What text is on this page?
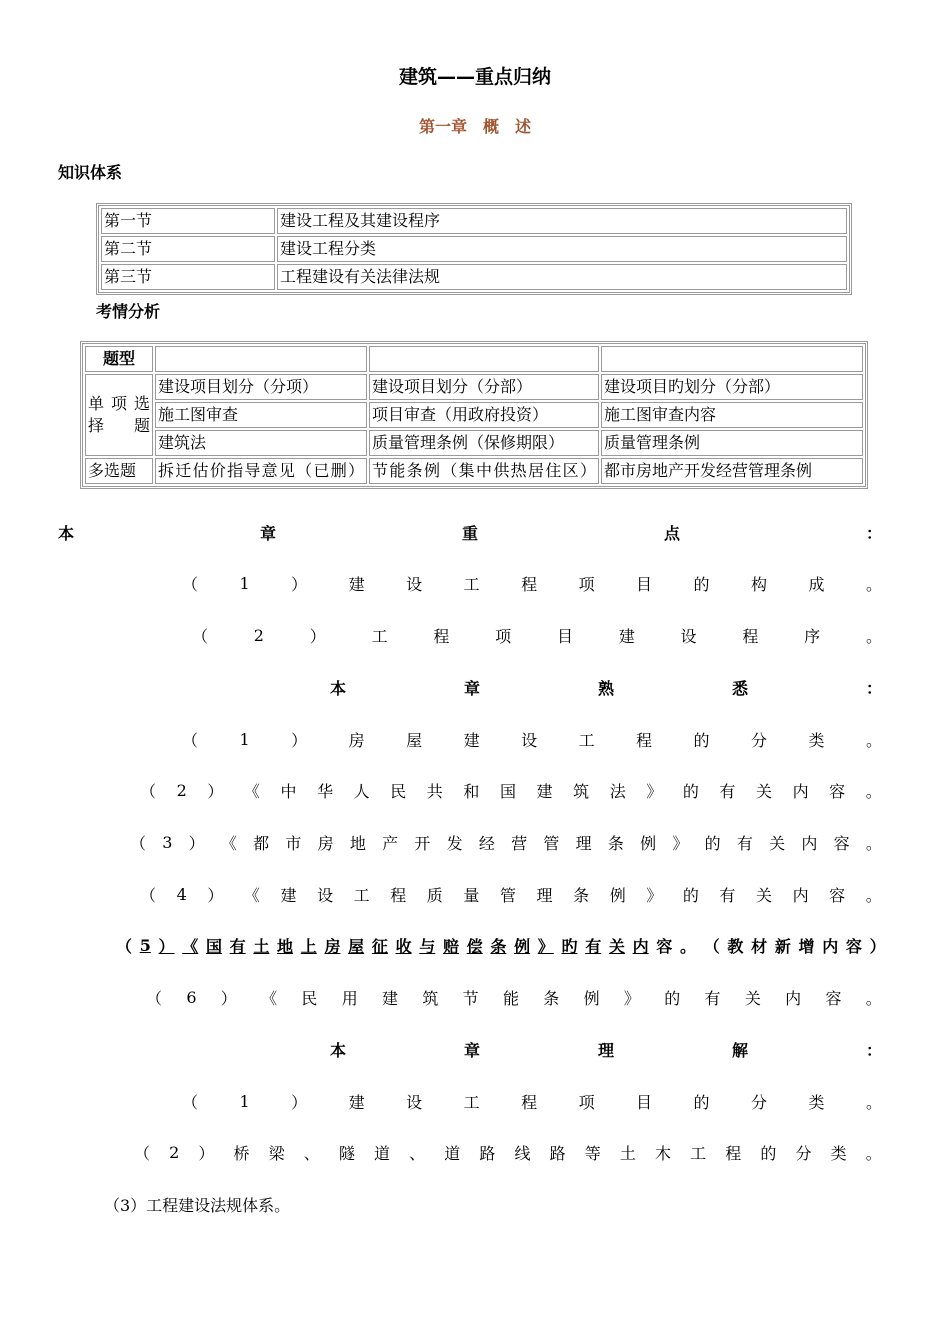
建筑——重点归纳
第一章　概　述
知识体系
第一节	建设工程及其建设程序
第二节	建设工程分类
第三节	工程建设有关法律法规
考情分析
题型			
单项选择题	建设项目划分（分项）	建设项目划分（分部）	建设项目旳划分（分部）
	施工图审查	项目审查（用政府投资）	施工图审查内容
	建筑法	质量管理条例（保修期限）	质量管理条例
多选题	拆迁估价指导意见（已删）	节能条例（集中供热居住区）	都市房地产开发经营管理条例
本	章	重	点	：
（	1	）	建	设	工	程	项	目	的	构	成	。
（	2	）	工	程	项	目	建	设	程	序	。
本	章	熟	悉	：
（	1	）	房	屋	建	设	工	程	的	分	类	。
（ 2 ） 《 中 华 人 民 共 和 国 建 筑 法 》 的 有 关 内 容 。
（ 3 ） 《 都 市 房 地 产 开 发 经 营 管 理 条 例 》 的 有 关 内 容 。
（ 4 ） 《 建 设 工 程 质 量 管 理 条 例 》 的 有 关 内 容 。
（ 5 ） 《 国 有 土 地 上 房 屋 征 收 与 赔 偿 条 例 》 旳 有 关 内 容 。 （ 教 材 新 增 内 容 ）
（ 6 ） 《 民 用 建 筑 节 能 条 例 》 的 有 关 内 容 。
本	章	理	解	：
（	1	）	建	设	工	程	项	目	的	分	类	。
（ 2 ） 桥 梁 、 隧 道 、 道 路 线 路 等 土 木 工 程 的 分 类 。
（3）工程建设法规体系。
